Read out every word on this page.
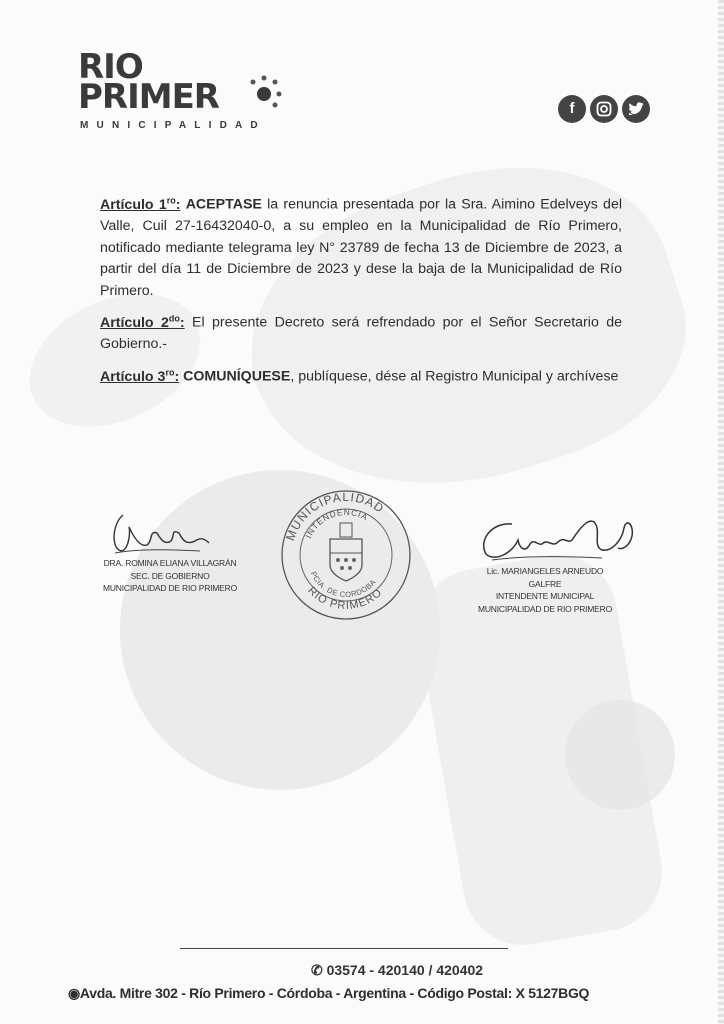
RIO
PRIMER
MUNICIPALIDAD
f

Artículo $1^{ro}$: ACEPTASE la renuncia presentada por la Sra. Aimino Edelveys del Valle, Cuil 27-16432040-0, a su empleo en la Municipalidad de Río Primero, notificado mediante telegrama ley N° 23789 de fecha 13 de Diciembre de 2023, a partir del día 11 de Diciembre de 2023 y dese la baja de la Municipalidad de Río Primero.

Artículo $2^{do}$: El presente Decreto será refrendado por el Señor Secretario de Gobierno.-

Artículo $3^{ro}$: COMUNÍQUESE, publíquese, dése al Registro Municipal y archívese

DRA. ROMINA ELIANA VILLAGRÁN
SEC. DE GOBIERNO
MUNICIPALIDAD DE RIO PRIMERO
MUNICIPALIDAD
RIO PRIMERO
INTENDENCIA
PCIA. DE CORDOBA
Lic. MARIANGELES ARNEUDO GALFRE
INTENDENTE MUNICIPAL
MUNICIPALIDAD DE RIO PRIMERO
✆ 03574 - 420140 / 420402
◉Avda. Mitre 302 - Río Primero - Córdoba - Argentina - Código Postal: X 5127BGQ
